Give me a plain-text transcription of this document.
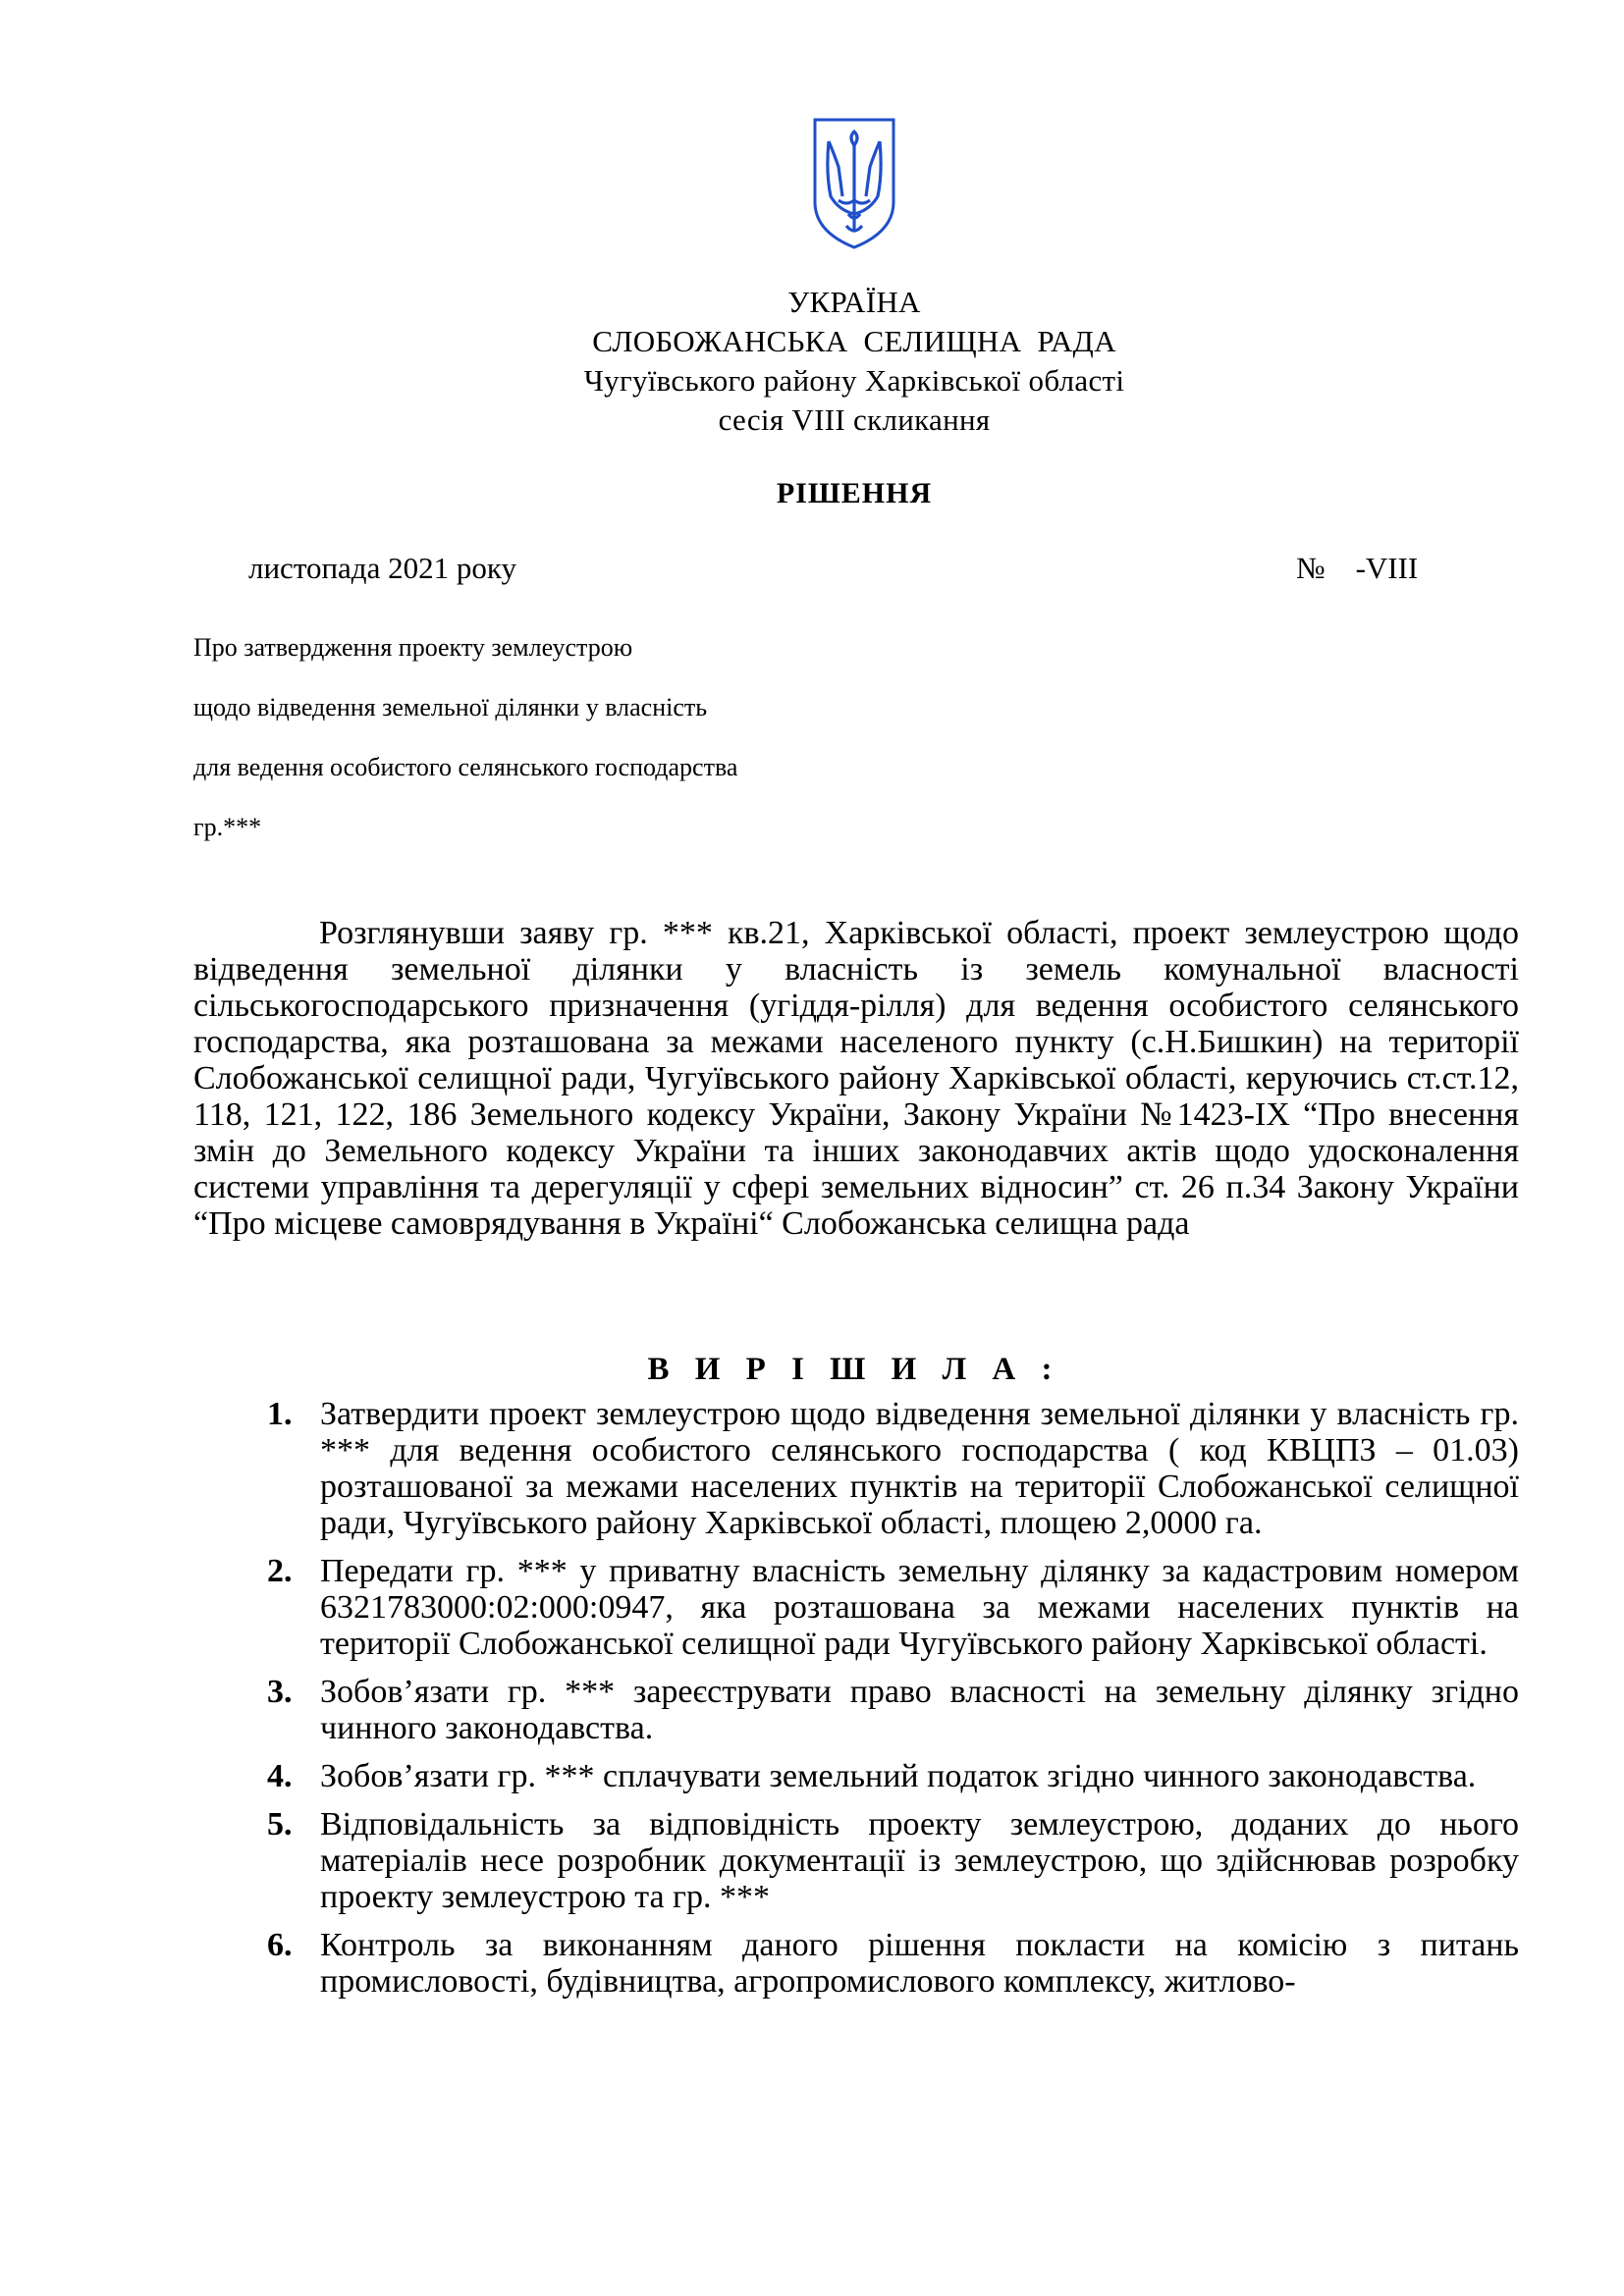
УКРАЇНА
СЛОБОЖАНСЬКА  СЕЛИЩНА  РАДА
Чугуївського району Харківської області
сесія VIII скликання
РІШЕННЯ
листопада 2021 року	№    -VIII
Про затвердження проекту землеустрою
щодо відведення земельної ділянки у власність
для ведення особистого селянського господарства
гр.***
Розглянувши заяву гр. *** кв.21, Харківської області, проект землеустрою щодо відведення земельної ділянки у власність із земель комунальної власності сільськогосподарського призначення (угіддя-рілля) для ведення особистого селянського господарства, яка розташована за межами населеного пункту (с.Н.Бишкин) на території Слобожанської селищної ради, Чугуївського району Харківської області, керуючись ст.ст.12, 118, 121, 122, 186 Земельного кодексу України, Закону України №1423-ІХ “Про внесення змін до Земельного кодексу України та інших законодавчих актів щодо удосконалення системи управління та дерегуляції у сфері земельних відносин” ст. 26 п.34 Закону України “Про місцеве самоврядування в Україні“ Слобожанська селищна рада
В И Р І Ш И Л А :
1. Затвердити проект землеустрою щодо відведення земельної ділянки у власність гр. *** для ведення особистого селянського господарства ( код КВЦПЗ – 01.03) розташованої за межами населених пунктів на території Слобожанської селищної ради, Чугуївського району Харківської області, площею 2,0000 га.
2. Передати гр. *** у приватну власність земельну ділянку за кадастровим номером 6321783000:02:000:0947, яка розташована за межами населених пунктів на території Слобожанської селищної ради Чугуївського району Харківської області.
3. Зобов’язати гр. *** зареєструвати право власності на земельну ділянку згідно чинного законодавства.
4. Зобов’язати гр. *** сплачувати земельний податок згідно чинного законодавства.
5. Відповідальність за відповідність проекту землеустрою, доданих до нього матеріалів несе розробник документації із землеустрою, що здійснював розробку проекту землеустрою та гр. ***
6. Контроль за виконанням даного рішення покласти на комісію з питань промисловості, будівництва, агропромислового комплексу, житлово-
